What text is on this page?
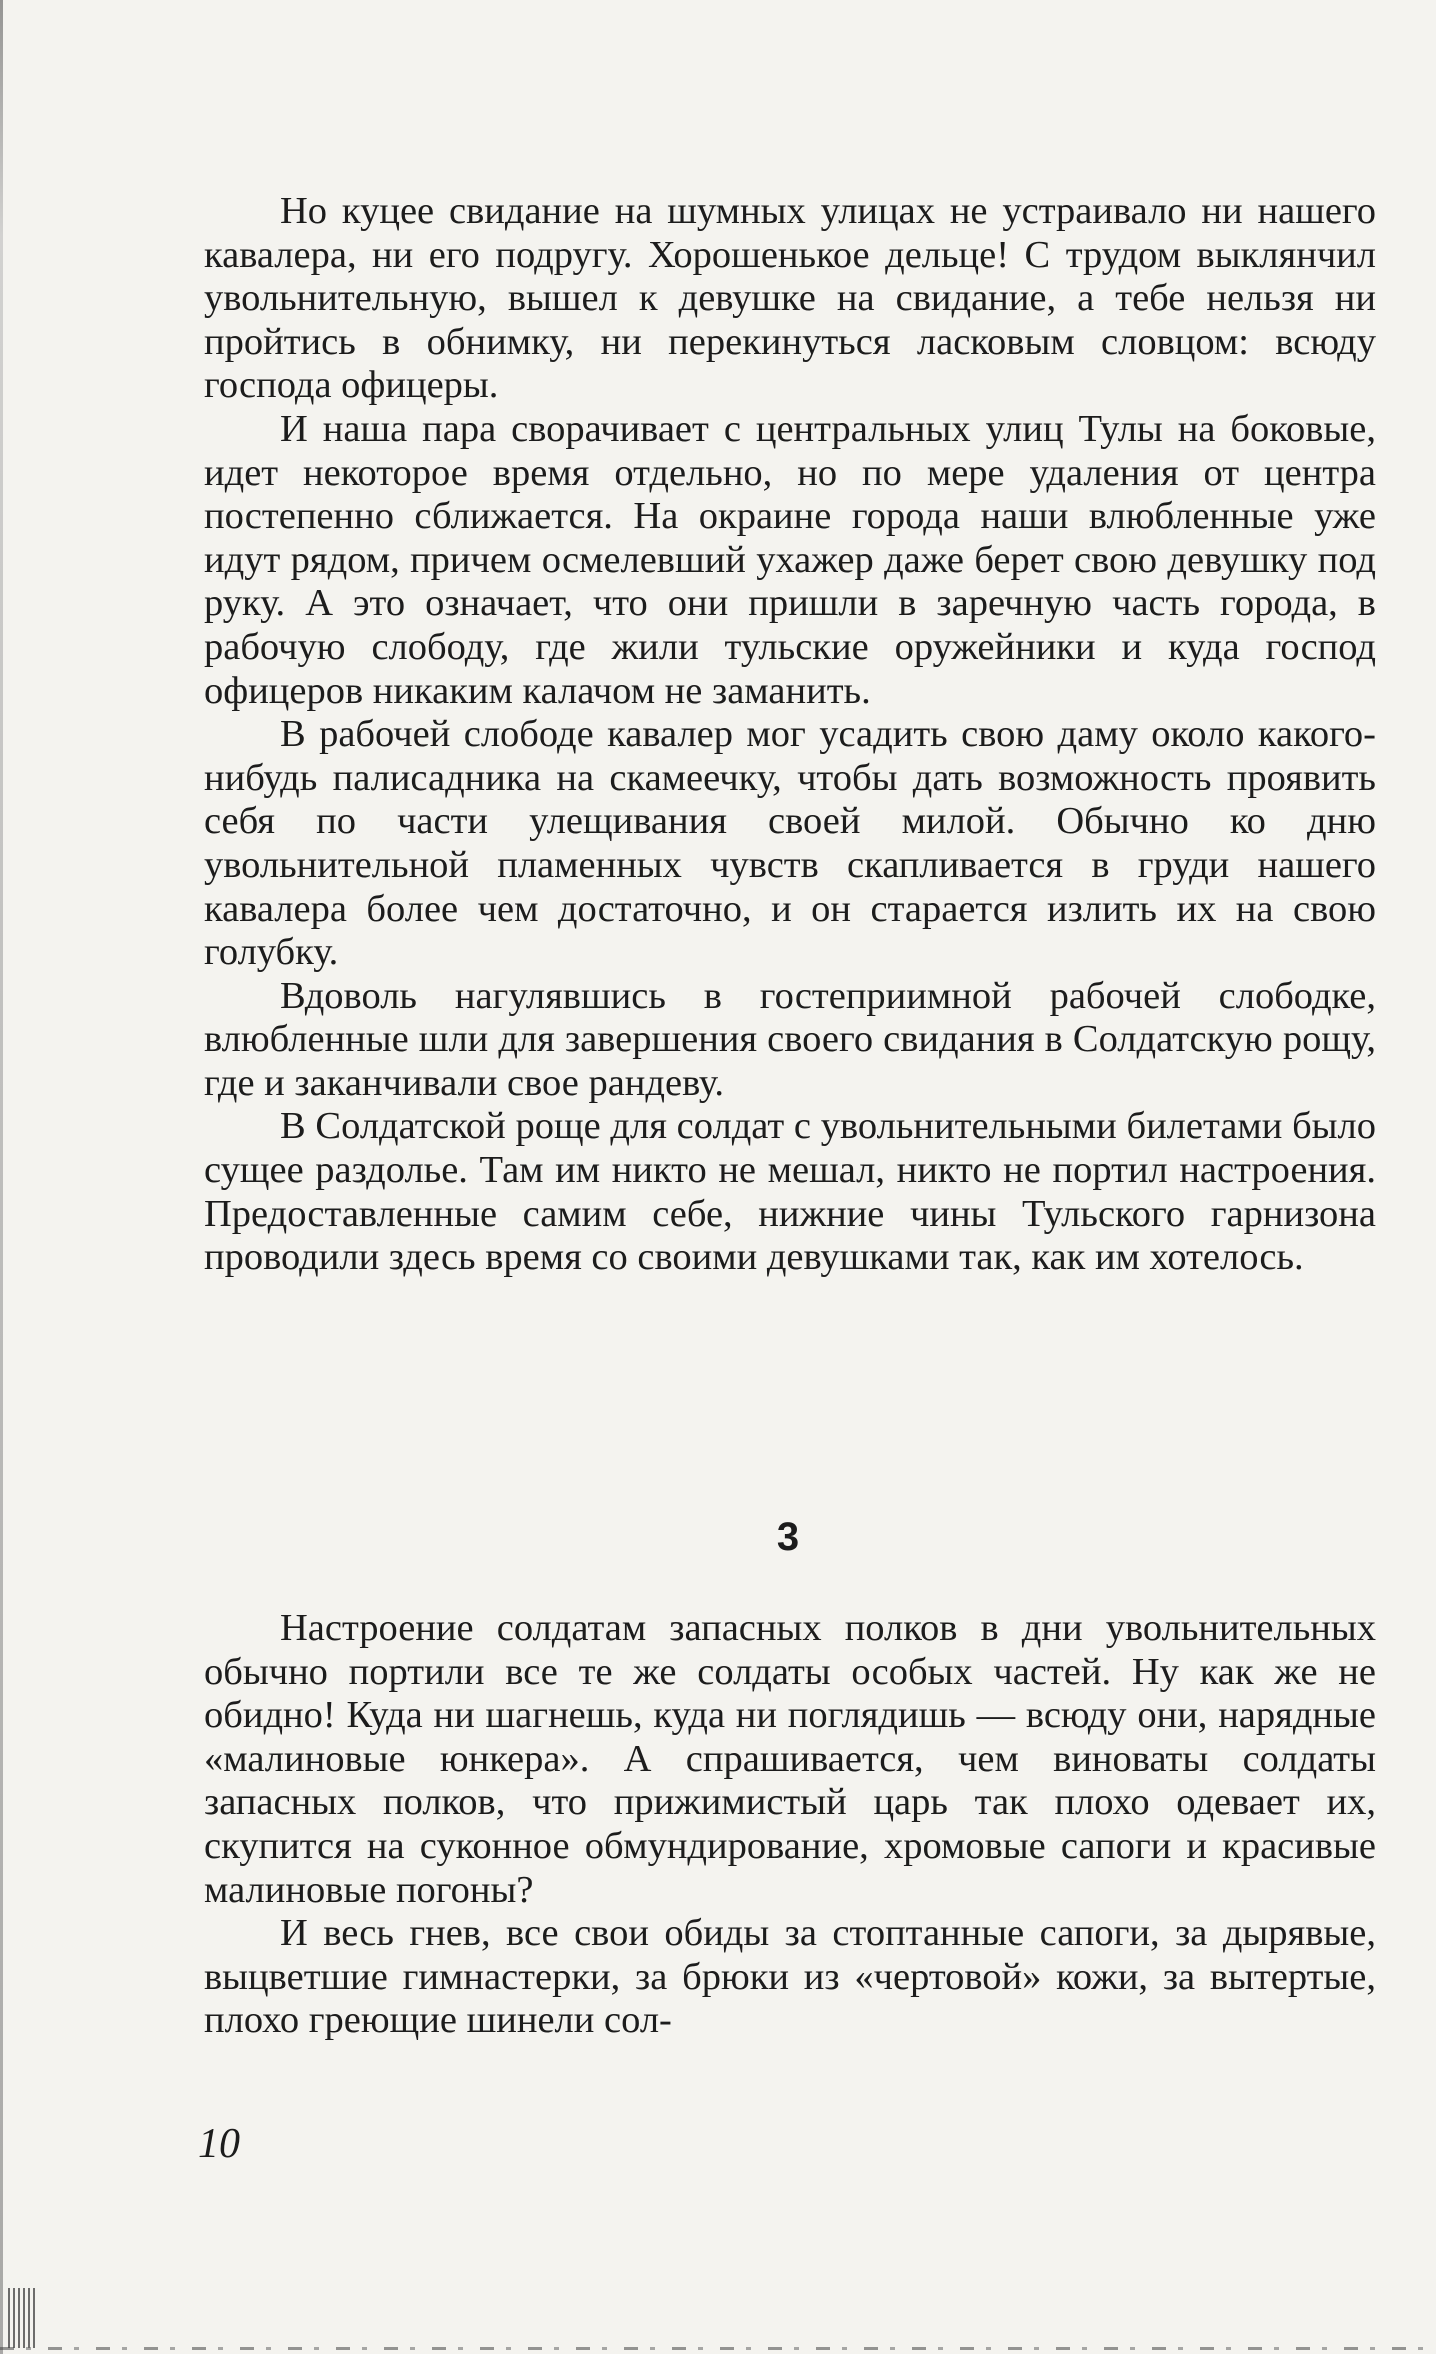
Но куцее свидание на шумных улицах не устраивало ни нашего кавалера, ни его подругу. Хорошенькое дельце! С трудом выклянчил увольнительную, вышел к девушке на свидание, а тебе нельзя ни пройтись в обнимку, ни перекинуться ласковым словцом: всюду господа офицеры.

И наша пара сворачивает с центральных улиц Тулы на боковые, идет некоторое время отдельно, но по мере удаления от центра постепенно сближается. На окраине города наши влюбленные уже идут рядом, причем осмелевший ухажер даже берет свою девушку под руку. А это означает, что они пришли в заречную часть города, в рабочую слободу, где жили тульские оружейники и куда господ офицеров никаким калачом не заманить.

В рабочей слободе кавалер мог усадить свою даму около какого-нибудь палисадника на скамеечку, чтобы дать возможность проявить себя по части улещивания своей милой. Обычно ко дню увольнительной пламенных чувств скапливается в груди нашего кавалера более чем достаточно, и он старается излить их на свою голубку.

Вдоволь нагулявшись в гостеприимной рабочей слободке, влюбленные шли для завершения своего свидания в Солдатскую рощу, где и заканчивали свое рандеву.

В Солдатской роще для солдат с увольнительными билетами было сущее раздолье. Там им никто не мешал, никто не портил настроения. Предоставленные самим себе, нижние чины Тульского гарнизона проводили здесь время со своими девушками так, как им хотелось.

3

Настроение солдатам запасных полков в дни увольнительных обычно портили все те же солдаты особых частей. Ну как же не обидно! Куда ни шагнешь, куда ни поглядишь — всюду они, нарядные «малиновые юнкера». А спрашивается, чем виноваты солдаты запасных полков, что прижимистый царь так плохо одевает их, скупится на суконное обмундирование, хромовые сапоги и красивые малиновые погоны?

И весь гнев, все свои обиды за стоптанные сапоги, за дырявые, выцветшие гимнастерки, за брюки из «чертовой» кожи, за вытертые, плохо греющие шинели сол-

10
